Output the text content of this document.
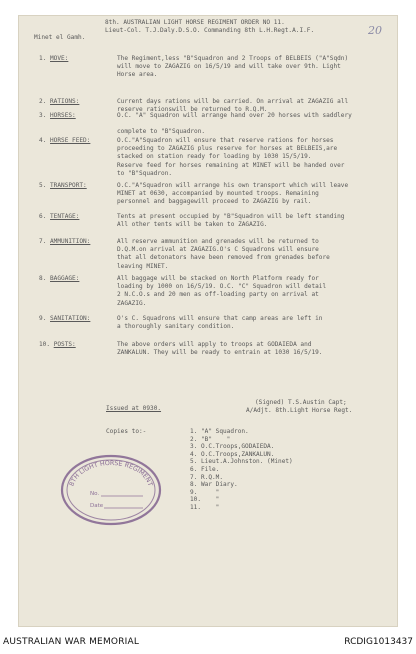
8th. AUSTRALIAN LIGHT HORSE REGIMENT ORDER NO 11.
Lieut-Col. T.J.Daly.D.S.O. Commanding 8th L.H.Regt.A.I.F.
Minet el Gamh.
20
1. MOVE:	The Regiment,less "B"Squadron and 2 Troops of BELBEIS ("A"Sqdn)
will move to ZAGAZIG on 16/5/19 and will take over 9th. Light
Horse area.
2. RATIONS:	Current days rations will be carried. On arrival at ZAGAZIG all
reserve rationswill be returned to R.Q.M.
3. HORSES:	O.C. "A" Squadron will arrange hand over 20 horses with saddlery

complete to "B"Squadron.
4. HORSE FEED:	O.C."A"Squadron will ensure that reserve rations for horses
proceeding to ZAGAZIG plus reserve for horses at BELBEIS,are
stacked on station ready for loading by 1030 15/5/19.
Reserve feed for horses remaining at MINET will be handed over
to "B"Squadron.
5. TRANSPORT:	O.C."A"Squadron will arrange his own transport which will leave
MINET at 0630, accompanied by mounted troops. Remaining
personnel and baggagewill proceed to ZAGAZIG by rail.
6. TENTAGE:	Tents at present occupied by "B"Squadron will be left standing
All other tents will be taken to ZAGAZIG.
7. AMMUNITION:	All reserve ammunition and grenades will be returned to
D.Q.M.on arrival at ZAGAZIG.O's C Squadrons will ensure
that all detonators have been removed from grenades before
leaving MINET.
8. BAGGAGE:	All baggage will be stacked on North Platform ready for
loading by 1000 on 16/5/19. O.C. "C" Squadron will detail
2 N.C.O.s and 20 men as off-loading party on arrival at
ZAGAZIG.
9. SANITATION:	O's C. Squadrons will ensure that camp areas are left in
a thoroughly sanitary condition.
10. POSTS:	The above orders will apply to troops at GODAIEDA and
ZANKALUN. They will be ready to entrain at 1030 16/5/19.
(Signed) T.S.Austin Capt;
A/Adjt. 8th.Light Horse Regt.
Issued at 0930.
Copies to:-	1. "A" Squadron.
2. "B"    "
3. O.C.Troops,GODAIEDA.
4. O.C.Troops,ZANKALUN.
5. Lieut.A.Johnston. (Minet)
6. File.
7. R.Q.M.
8. War Diary.
9.     "
10.    "
11.    "
8TH LIGHT HORSE REGIMENT
No.
Date
AUSTRALIAN WAR MEMORIAL	RCDIG1013437
